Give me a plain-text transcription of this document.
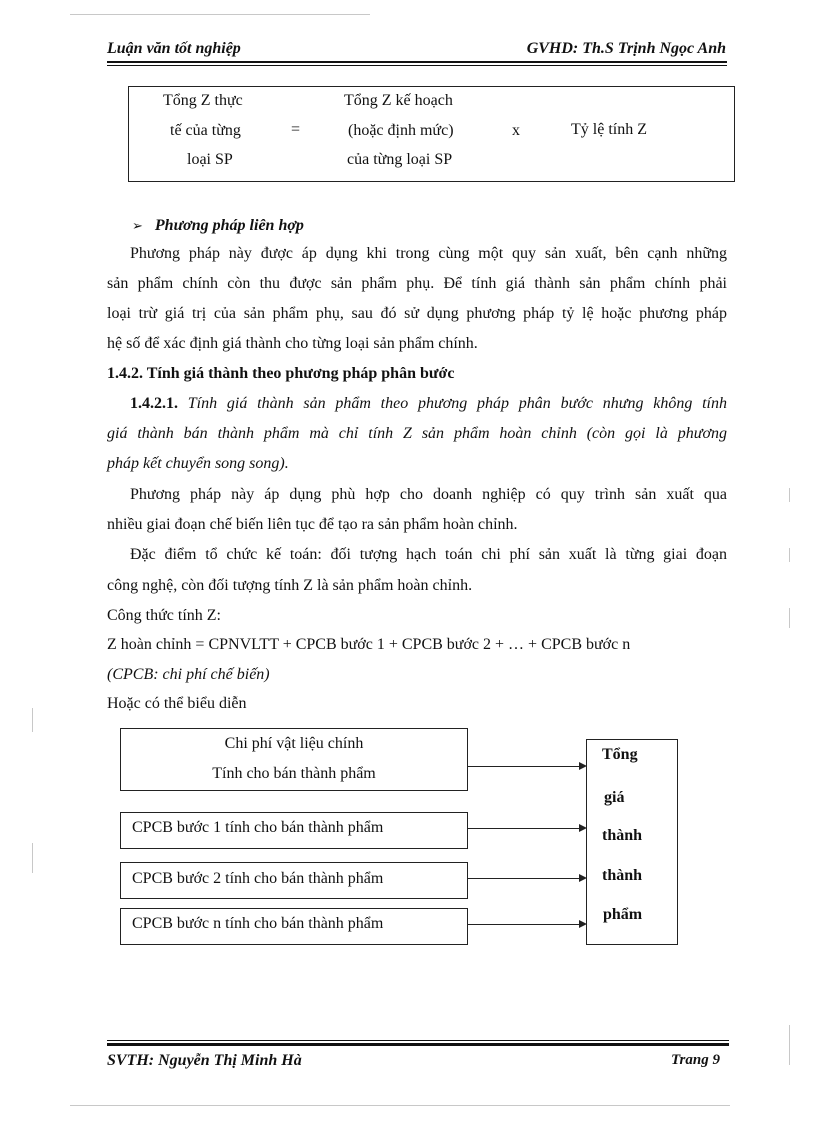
Luận văn tốt nghiệp	GVHD: Th.S Trịnh Ngọc Anh
Tổng Z thực
tế của từng
loại SP
=
Tổng Z kế hoạch
(hoặc định mức)
của từng loại SP
x	Tỷ lệ tính Z
➢ Phương pháp liên hợp
Phương pháp này được áp dụng khi trong cùng một quy sản xuất, bên cạnh những
sản phẩm chính còn thu được sản phẩm phụ. Để tính giá thành sản phẩm chính phải
loại trừ giá trị của sản phẩm phụ, sau đó sử dụng phương pháp tỷ lệ hoặc phương pháp
hệ số để xác định giá thành cho từng loại sản phẩm chính.
1.4.2. Tính giá thành theo phương pháp phân bước
1.4.2.1. Tính giá thành sản phẩm theo phương pháp phân bước nhưng không tính
giá thành bán thành phẩm mà chỉ tính Z sản phẩm hoàn chỉnh (còn gọi là phương
pháp kết chuyển song song).
Phương pháp này áp dụng phù hợp cho doanh nghiệp có quy trình sản xuất qua
nhiều giai đoạn chế biến liên tục để tạo ra sản phẩm hoàn chỉnh.
Đặc điểm tổ chức kế toán: đối tượng hạch toán chi phí sản xuất là từng giai đoạn
công nghệ, còn đối tượng tính Z là sản phẩm hoàn chỉnh.
Công thức tính Z:
Z hoàn chỉnh = CPNVLTT + CPCB bước 1 + CPCB bước 2 + … + CPCB bước n
(CPCB: chi phí chế biến)
Hoặc có thể biểu diễn
Chi phí vật liệu chính
Tính cho bán thành phẩm
CPCB bước 1 tính cho bán thành phẩm
CPCB bước 2 tính cho bán thành phẩm
CPCB bước n tính cho bán thành phẩm
Tổng
giá
thành
thành
phẩm
SVTH: Nguyễn Thị Minh Hà	Trang 9
